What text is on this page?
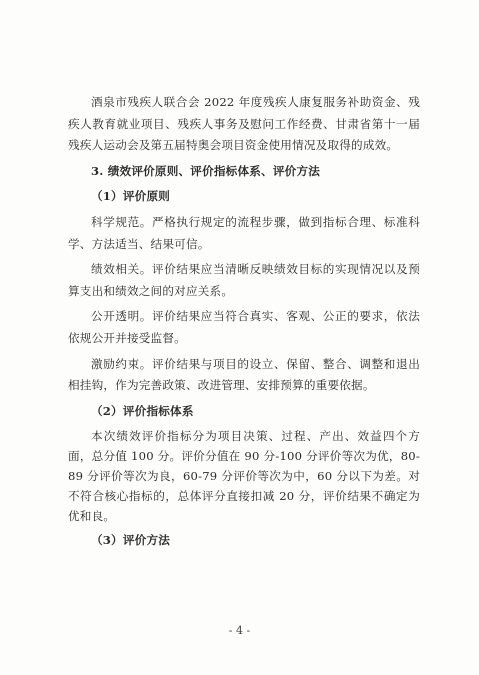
酒泉市残疾人联合会 2022 年度残疾人康复服务补助资金、残疾人教育就业项目、残疾人事务及慰问工作经费、甘肃省第十一届残疾人运动会及第五届特奥会项目资金使用情况及取得的成效。

3. 绩效评价原则、评价指标体系、评价方法

（1）评价原则

科学规范。严格执行规定的流程步骤，做到指标合理、标准科学、方法适当、结果可信。

绩效相关。评价结果应当清晰反映绩效目标的实现情况以及预算支出和绩效之间的对应关系。

公开透明。评价结果应当符合真实、客观、公正的要求，依法依规公开并接受监督。

激励约束。评价结果与项目的设立、保留、整合、调整和退出相挂钩，作为完善政策、改进管理、安排预算的重要依据。

（2）评价指标体系

本次绩效评价指标分为项目决策、过程、产出、效益四个方面，总分值 100 分。评价分值在 90 分-100 分评价等次为优，80-89 分评价等次为良，60-79 分评价等次为中，60 分以下为差。对不符合核心指标的，总体评分直接扣减 20 分，评价结果不确定为优和良。

（3）评价方法

- 4 -
